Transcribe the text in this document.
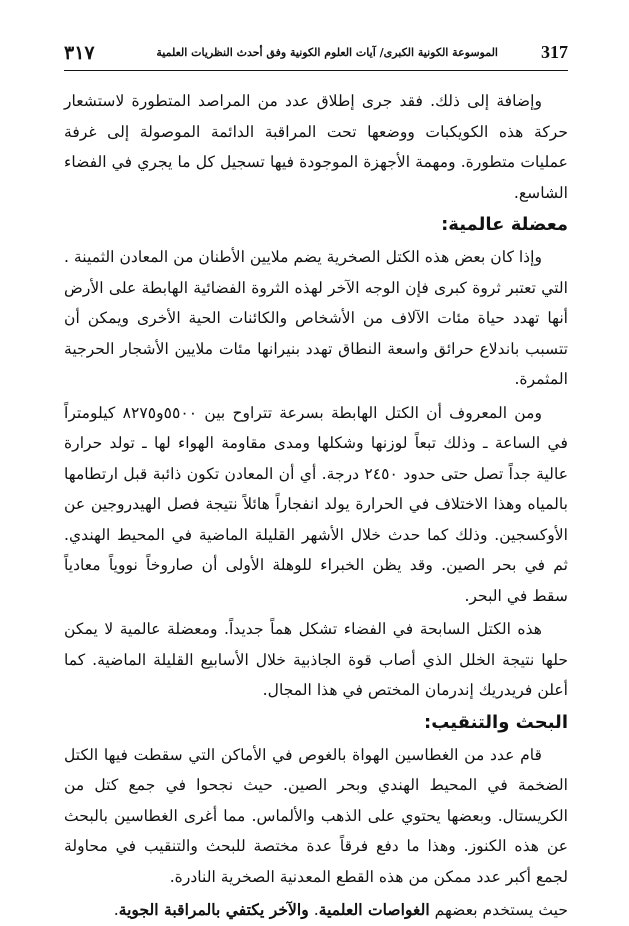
٣١٧	الموسوعة الكونية الكبرى/ آيات العلوم الكونية وفق أحدث النظريات العلمية 317

وإضافة إلى ذلك. فقد جرى إطلاق عدد من المراصد المتطورة لاستشعار حركة هذه الكويكبات ووضعها تحت المراقبة الدائمة الموصولة إلى غرفة عمليات متطورة. ومهمة الأجهزة الموجودة فيها تسجيل كل ما يجري في الفضاء الشاسع.

معضلة عالمية:

وإذا كان بعض هذه الكتل الصخرية يضم ملايين الأطنان من المعادن الثمينة . التي تعتبر ثروة كبرى فإن الوجه الآخر لهذه الثروة الفضائية الهابطة على الأرض أنها تهدد حياة مئات الآلاف من الأشخاص والكائنات الحية الأخرى ويمكن أن تتسبب باندلاع حرائق واسعة النطاق تهدد بنيرانها مئات ملايين الأشجار الحرجية المثمرة.

ومن المعروف أن الكتل الهابطة بسرعة تتراوح بين ٥٥٠٠و٨٢٧٥ كيلومتراً في الساعة ـ وذلك تبعاً لوزنها وشكلها ومدى مقاومة الهواء لها ـ تولد حرارة عالية جداً تصل حتى حدود ٢٤٥٠ درجة. أي أن المعادن تكون ذائبة قبل ارتطامها بالمياه وهذا الاختلاف في الحرارة يولد انفجاراً هائلاً نتيجة فصل الهيدروجين عن الأوكسجين. وذلك كما حدث خلال الأشهر القليلة الماضية في المحيط الهندي. ثم في بحر الصين. وقد يظن الخبراء للوهلة الأولى أن صاروخاً نووياً معادياً سقط في البحر.

هذه الكتل السابحة في الفضاء تشكل هماً جديداً. ومعضلة عالمية لا يمكن حلها نتيجة الخلل الذي أصاب قوة الجاذبية خلال الأسابيع القليلة الماضية. كما أعلن فريدريك إندرمان المختص في هذا المجال.

البحث والتنقيب:

قام عدد من الغطاسين الهواة بالغوص في الأماكن التي سقطت فيها الكتل الضخمة في المحيط الهندي وبحر الصين. حيث نجحوا في جمع كتل من الكريستال. وبعضها يحتوي على الذهب والألماس. مما أغرى الغطاسين بالبحث عن هذه الكنوز. وهذا ما دفع فرقاً عدة مختصة للبحث والتنقيب في محاولة لجمع أكبر عدد ممكن من هذه القطع المعدنية الصخرية النادرة.

حيث يستخدم بعضهم الغواصات العلمية. والآخر يكتفي بالمراقبة الجوية.
